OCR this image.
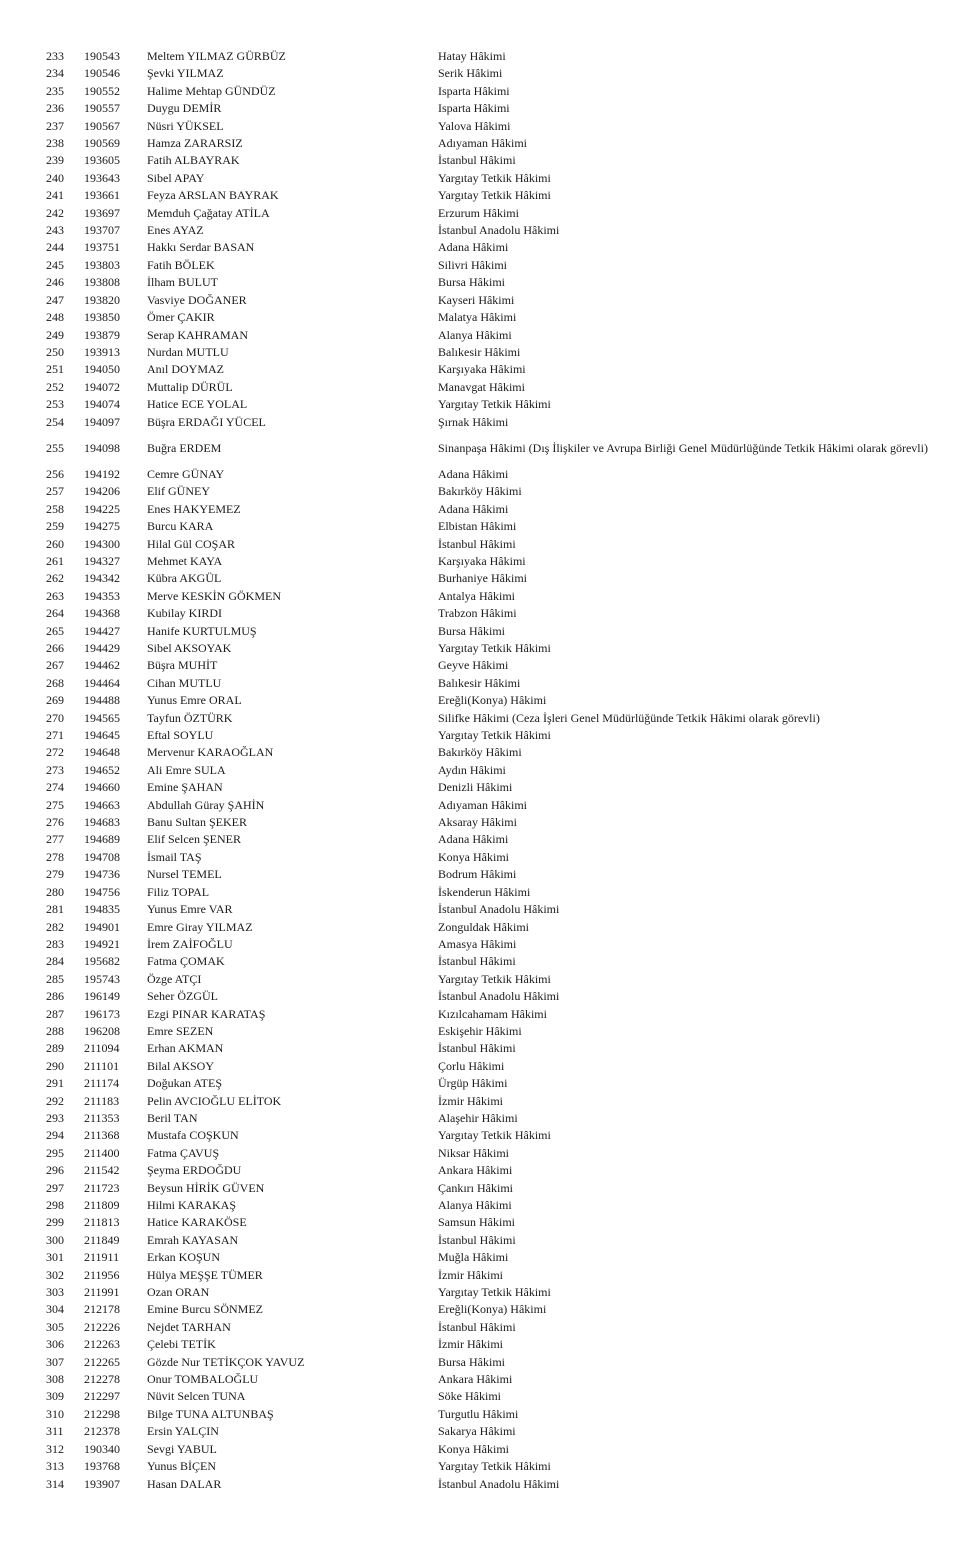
233	190543	Meltem YILMAZ GÜRBÜZ	Hatay Hâkimi
234	190546	Şevki YILMAZ	Serik Hâkimi
235	190552	Halime Mehtap GÜNDÜZ	Isparta Hâkimi
236	190557	Duygu DEMİR	Isparta Hâkimi
237	190567	Nüsri YÜKSEL	Yalova Hâkimi
238	190569	Hamza ZARARSIZ	Adıyaman Hâkimi
239	193605	Fatih ALBAYRAK	İstanbul Hâkimi
240	193643	Sibel APAY	Yargıtay Tetkik Hâkimi
241	193661	Feyza ARSLAN BAYRAK	Yargıtay Tetkik Hâkimi
242	193697	Memduh Çağatay ATİLA	Erzurum Hâkimi
243	193707	Enes AYAZ	İstanbul Anadolu Hâkimi
244	193751	Hakkı Serdar BASAN	Adana Hâkimi
245	193803	Fatih BÖLEK	Silivri Hâkimi
246	193808	İlham BULUT	Bursa Hâkimi
247	193820	Vasviye DOĞANER	Kayseri Hâkimi
248	193850	Ömer ÇAKIR	Malatya Hâkimi
249	193879	Serap KAHRAMAN	Alanya Hâkimi
250	193913	Nurdan MUTLU	Balıkesir Hâkimi
251	194050	Anıl DOYMAZ	Karşıyaka Hâkimi
252	194072	Muttalip DÜRÜL	Manavgat Hâkimi
253	194074	Hatice ECE YOLAL	Yargıtay Tetkik Hâkimi
254	194097	Büşra ERDAĞI YÜCEL	Şırnak Hâkimi
255	194098	Buğra ERDEM	Sinanpaşa Hâkimi (Dış İlişkiler ve Avrupa Birliği Genel Müdürlüğünde Tetkik Hâkimi olarak görevli)
256	194192	Cemre GÜNAY	Adana Hâkimi
257	194206	Elif GÜNEY	Bakırköy Hâkimi
258	194225	Enes HAKYEMEZ	Adana Hâkimi
259	194275	Burcu KARA	Elbistan Hâkimi
260	194300	Hilal Gül COŞAR	İstanbul Hâkimi
261	194327	Mehmet KAYA	Karşıyaka Hâkimi
262	194342	Kübra AKGÜL	Burhaniye Hâkimi
263	194353	Merve KESKİN GÖKMEN	Antalya Hâkimi
264	194368	Kubilay KIRDI	Trabzon Hâkimi
265	194427	Hanife KURTULMUŞ	Bursa Hâkimi
266	194429	Sibel AKSOYAK	Yargıtay Tetkik Hâkimi
267	194462	Büşra MUHİT	Geyve Hâkimi
268	194464	Cihan MUTLU	Balıkesir Hâkimi
269	194488	Yunus Emre ORAL	Ereğli(Konya) Hâkimi
270	194565	Tayfun ÖZTÜRK	Silifke Hâkimi (Ceza İşleri Genel Müdürlüğünde Tetkik Hâkimi olarak görevli)
271	194645	Eftal SOYLU	Yargıtay Tetkik Hâkimi
272	194648	Mervenur KARAOĞLAN	Bakırköy Hâkimi
273	194652	Ali Emre SULA	Aydın Hâkimi
274	194660	Emine ŞAHAN	Denizli Hâkimi
275	194663	Abdullah Güray ŞAHİN	Adıyaman Hâkimi
276	194683	Banu Sultan ŞEKER	Aksaray Hâkimi
277	194689	Elif Selcen ŞENER	Adana Hâkimi
278	194708	İsmail TAŞ	Konya Hâkimi
279	194736	Nursel TEMEL	Bodrum Hâkimi
280	194756	Filiz TOPAL	İskenderun Hâkimi
281	194835	Yunus Emre VAR	İstanbul Anadolu Hâkimi
282	194901	Emre Giray YILMAZ	Zonguldak Hâkimi
283	194921	İrem ZAİFOĞLU	Amasya Hâkimi
284	195682	Fatma ÇOMAK	İstanbul Hâkimi
285	195743	Özge ATÇI	Yargıtay Tetkik Hâkimi
286	196149	Seher ÖZGÜL	İstanbul Anadolu Hâkimi
287	196173	Ezgi PINAR KARATAŞ	Kızılcahamam Hâkimi
288	196208	Emre SEZEN	Eskişehir Hâkimi
289	211094	Erhan AKMAN	İstanbul Hâkimi
290	211101	Bilal AKSOY	Çorlu Hâkimi
291	211174	Doğukan ATEŞ	Ürgüp Hâkimi
292	211183	Pelin AVCIOĞLU ELİTOK	İzmir Hâkimi
293	211353	Beril TAN	Alaşehir Hâkimi
294	211368	Mustafa COŞKUN	Yargıtay Tetkik Hâkimi
295	211400	Fatma ÇAVUŞ	Niksar Hâkimi
296	211542	Şeyma ERDOĞDU	Ankara Hâkimi
297	211723	Beysun HİRİK GÜVEN	Çankırı Hâkimi
298	211809	Hilmi KARAKAŞ	Alanya Hâkimi
299	211813	Hatice KARAKÖSE	Samsun Hâkimi
300	211849	Emrah KAYASAN	İstanbul Hâkimi
301	211911	Erkan KOŞUN	Muğla Hâkimi
302	211956	Hülya MEŞŞE TÜMER	İzmir Hâkimi
303	211991	Ozan ORAN	Yargıtay Tetkik Hâkimi
304	212178	Emine Burcu SÖNMEZ	Ereğli(Konya) Hâkimi
305	212226	Nejdet TARHAN	İstanbul Hâkimi
306	212263	Çelebi TETİK	İzmir Hâkimi
307	212265	Gözde Nur TETİKÇOK YAVUZ	Bursa Hâkimi
308	212278	Onur TOMBALOĞLU	Ankara Hâkimi
309	212297	Nüvit Selcen TUNA	Söke Hâkimi
310	212298	Bilge TUNA ALTUNBAŞ	Turgutlu Hâkimi
311	212378	Ersin YALÇIN	Sakarya Hâkimi
312	190340	Sevgi YABUL	Konya Hâkimi
313	193768	Yunus BİÇEN	Yargıtay Tetkik Hâkimi
314	193907	Hasan DALAR	İstanbul Anadolu Hâkimi
